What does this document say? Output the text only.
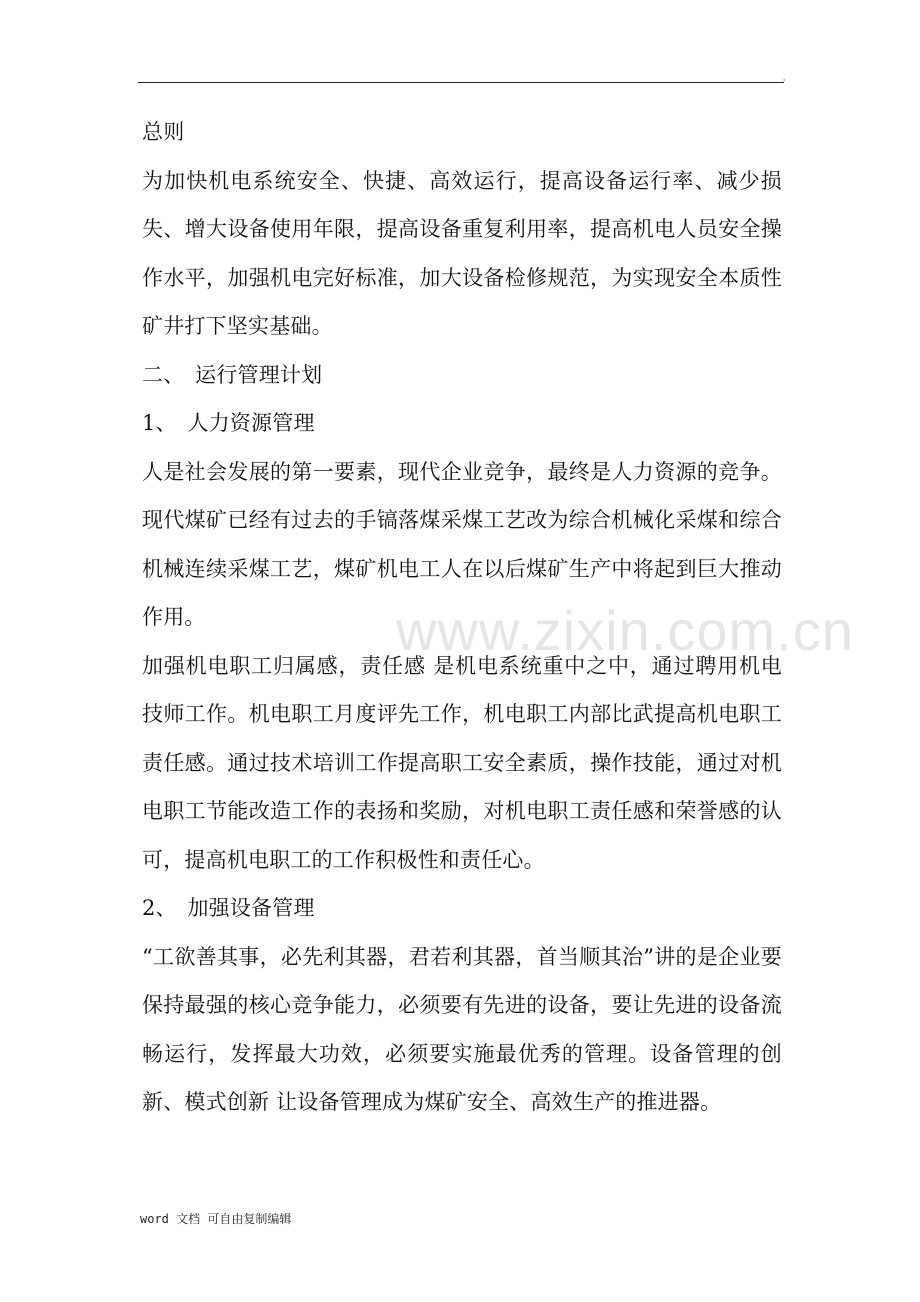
'
www.zixin.com.cn

总则

为加快机电系统安全、快捷、高效运行，提高设备运行率、减少损失、增大设备使用年限，提高设备重复利用率，提高机电人员安全操作水平，加强机电完好标准，加大设备检修规范，为实现安全本质性矿井打下坚实基础。

二、　运行管理计划

1、　人力资源管理

人是社会发展的第一要素，现代企业竞争，最终是人力资源的竞争。现代煤矿已经有过去的手镐落煤采煤工艺改为综合机械化采煤和综合机械连续采煤工艺，煤矿机电工人在以后煤矿生产中将起到巨大推动作用。

加强机电职工归属感，责任感 是机电系统重中之中，通过聘用机电技师工作。机电职工月度评先工作，机电职工内部比武提高机电职工责任感。通过技术培训工作提高职工安全素质，操作技能，通过对机电职工节能改造工作的表扬和奖励，对机电职工责任感和荣誉感的认可，提高机电职工的工作积极性和责任心。

2、　加强设备管理

“工欲善其事，必先利其器，君若利其器，首当顺其治”讲的是企业要保持最强的核心竞争能力，必须要有先进的设备，要让先进的设备流畅运行，发挥最大功效，必须要实施最优秀的管理。设备管理的创新、模式创新 让设备管理成为煤矿安全、高效生产的推进器。

word 文档 可自由复制编辑
